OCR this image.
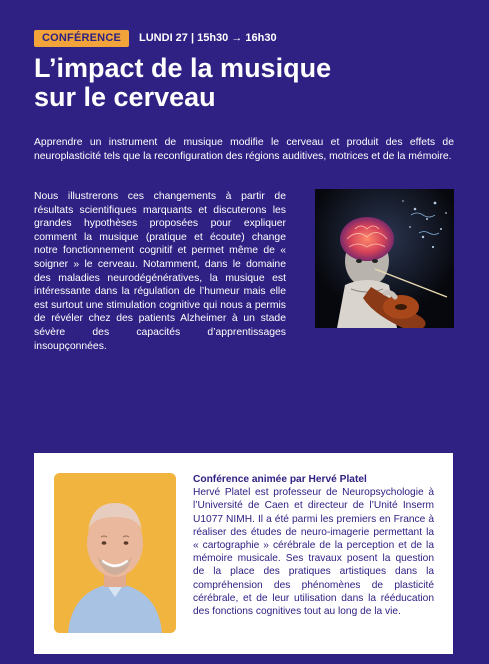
CONFÉRENCE	LUNDI 27 | 15h30 → 16h30
L’impact de la musique
sur le cerveau

Apprendre un instrument de musique modifie le cerveau et produit des effets de neuroplasticité tels que la reconfiguration des régions auditives, motrices et de la mémoire.

Nous illustrerons ces changements à partir de résultats scientifiques marquants et discuterons les grandes hypothèses proposées pour expliquer comment la musique (pratique et écoute) change notre fonctionnement cognitif et permet même de « soigner » le cerveau. Notamment, dans le domaine des maladies neurodégénératives, la musique est intéressante dans la régulation de l’humeur mais elle est surtout une stimulation cognitive qui nous a permis de révéler chez des patients Alzheimer à un stade sévère des capacités d’apprentissages insoupçonnées.

Conférence animée par Hervé Platel

Hervé Platel est professeur de Neuropsychologie à l’Université de Caen et directeur de l’Unité Inserm U1077 NIMH. Il a été parmi les premiers en France à réaliser des études de neuro-imagerie permettant la « cartographie » cérébrale de la perception et de la mémoire musicale. Ses travaux posent la question de la place des pratiques artistiques dans la compréhension des phénomènes de plasticité cérébrale, et de leur utilisation dans la rééducation des fonctions cognitives tout au long de la vie.
